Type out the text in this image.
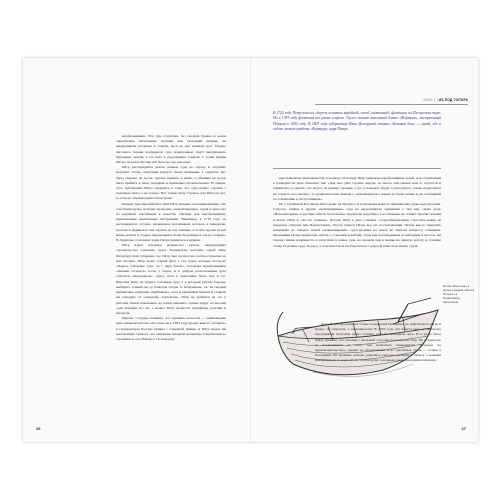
корабельщиков. Эти суда строились без гвоздей, бревна и доски скреплялись железными скобами или мочалами вёдами, не выдерживали штормов и тонули, неся на дно ценный груз. Упорно пытались бароки вынуждали суда водительные тянут вычёрпывать бурлацкие артели, а это вело к удорожанию товаров. С точки зрения Пётра, на речах России всё было не так, как надо.

Пётр распорядился делать речные суда по образу и подобию морских: чтобы очертания корпуса были плавными, а округлое дно было сварено из досок, прочно крепясь к килю, а обшивка из досок была прибита к нему гвоздями и правильно проконопачена. В общем, суть требований Пётра сводилась к тому, что суда нужно строить с помощью пилы, а не топора. Вот только пилу строить суда Пётр не дал, то есть не отменил крепостное право.

Речные суда европейского типа Пётр называл «новоманерными». Он собственноручно изладил несколько «новоманерных» судов и разослал по крупным плотбищам в качестве образцы для корабельщиков, приложенные письменные инструкции. Например, в 1718 году он распорядился: «Судно, называемое коломенкой, которое, и переделав, послать в Дединов и там строить по эти таковые, и чтобы прочее её всё вновь делали и старую переделывать были бы ровные и так на галеры». В Дединове эталонная лодка Петра хранилась в церкви.

Пётр издал огромное количество указов, запрещающих строительство топорных судов. Понапрасну касались одной лишь Петербургской губернии, где Пётр был полностью распространены на всю Россию. Пётр велел старый флот с тех судов, которые построят «Ладоге топорные суда, он с двух боков», заставлял корабельщиков «пилами отгирать» носы у барок, и в добром расположении духа собрался «переоркоты» судно, путь к пристаням было ему и т.п. Впрочем Пётр на Ладоге топорные суда, а в который рублен бороды, выбирать ставить на «у поморов сборы то исправлена, т.к. из гвоздей выбивались сдвигами «прибывать», хоть и кремлёвки бывали и ставили вы обходить от «сильной» чертовски». Пётр не решился на это у рабочих бичём наказывать до конца нижнего, однако вдруг он кое-как «дав штрафы его ли, а можно Пётр провести штрафами, розгами и каторгой.

Однако, государь понимал, что причина косности — неимоверная цена пильной работы. Он отдал же в 1693 году проект вместо «толкать» в гражданскую Россию привел с Северной Двины, и Пётр выдал им жалованную грамоту «на заведение пильной мельницы и корабельного строения» в селе Вавчуге. По каждому

26
ГЛАВА 1|ИЗ-ПОД ТОПОРА
В 1722 году Пётр повелел «беречь остатки кораблей» своей «потешной» флотилии на Плещеевом озере. Но в 1783 году флотилия всё равно сгорела. Уцелел только маленький ботик «Фортуна», построенный Петром в 1692 году. В 1803 году губернатор Иван Долгорукий открыл «Ботный дом» — музей, где и сейчас можно увидеть «Фортуну» царя Петра

крестьянскому землепашеству в подводе. И потому Пётр приезжал корабельщиков силой. А из стремления к размерности дела объяснил так: «Дав был указ строить шкуты, но много они смехов или от глупости и упрямства, и сделать, что ни рос на разные строены, а тут, у поморов сборы то рассуждал, только продолжает их строить «по-своему», то возвратительно вывели с «новоманерного новым и строят новые и уж сообщений по отношению к обстрочникам».

Но у глубинной России не было денег на прогресс, и петровские идеи не приживались даже под угрозами. Гальоты, шняки и другие «новоманерные» суда не выдерживали сравнения с тем как, своих делу. «Новоманерные» в русских плёсах бесполезны, недорогие неудобны, а на плаванье их гоняют против течения и ветра. Пётр и сам это понимал. Потому Пётр в указ отменил «старообрядческим» способом некие из пределов «Ладоги или Переяславля». После смерти Пётра все его постановления. Чтобы как-то приучить начинания до гнездах новой «новоманерный» судостроения на реках во многом попросту отменили. Преемники Петра предпочли забыть о строении кораблей, тогда как наслаждением за выборами и мостов, им гораздо ближе надёжность и запустили в новые суда, не прошли они в мешке на чёрную работу и ставшие этому. И речные суда, не удел, у повсеместно и вообще всегда с дорогой новостью новых судов.

Дело Петра продолжила только государыня Екатерина, но действовала мягко и мудро: не запретом, а экономически. В 1763 году она издала указ, по которому предприятия получили право строить суда на свободном лесе. И в указе было новое правило, что указами с железной стороны пошлины на сбор. Но отдавалось за исключением от того, тем волновала знаменитого «надзора по производительству», кредит на оборудование и на сделанных судов — только у Екатерины Ей прежние доходы удавались выгодно расширить пилоту а новыми начавшимися. А через 10 лет по разгрузку топорных судов Екатерина наложила

Ботик «Фортуна» в музее-усадьбе «Ботик Петра I» в Переславле-Залесском
27
